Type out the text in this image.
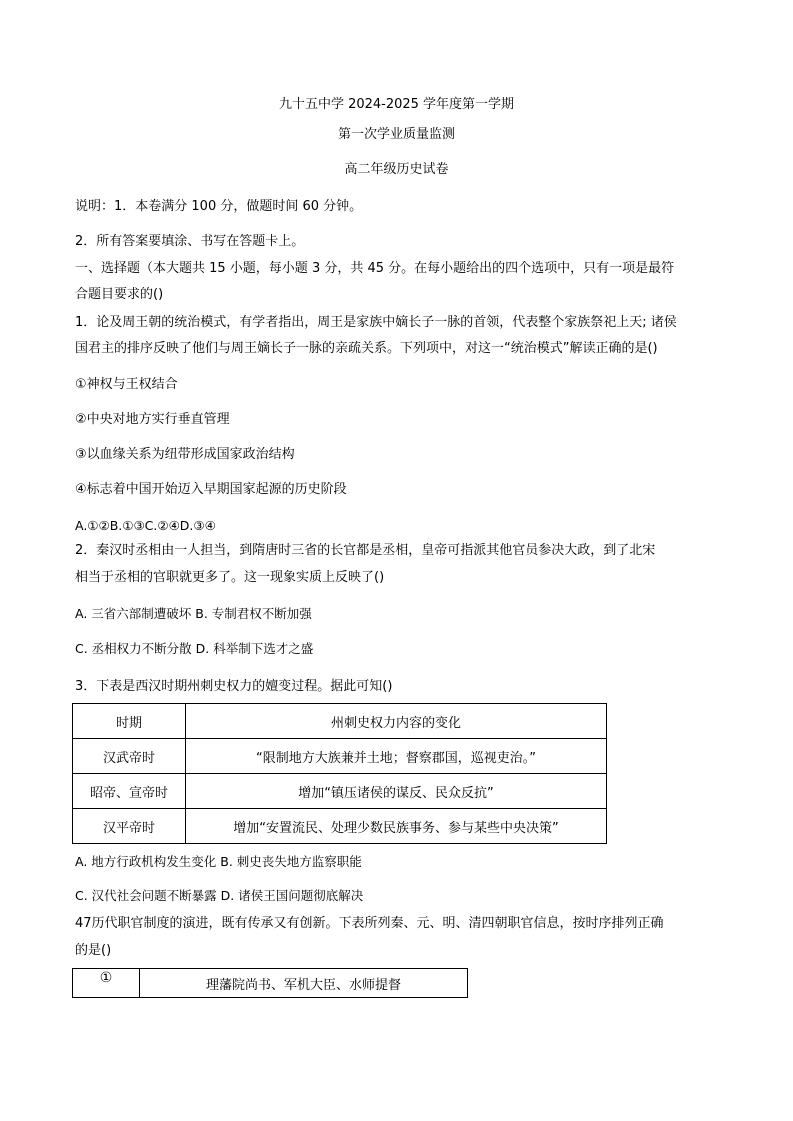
九十五中学 2024-2025 学年度第一学期
第一次学业质量监测
高二年级历史试卷
说明：1．本卷满分 100 分，做题时间 60 分钟。
2．所有答案要填涂、书写在答题卡上。
一、选择题（本大题共 15 小题，每小题 3 分，共 45 分。在每小题给出的四个选项中，只有一项是最符
合题目要求的()
1．论及周王朝的统治模式，有学者指出，周王是家族中嫡长子一脉的首领，代表整个家族祭祀上天; 诸侯
国君主的排序反映了他们与周王嫡长子一脉的亲疏关系。下列项中，对这一“统治模式”解读正确的是()
①神权与王权结合
②中央对地方实行垂直管理
③以血缘关系为纽带形成国家政治结构
④标志着中国开始迈入早期国家起源的历史阶段
A.①②B.①③C.②④D.③④
2．秦汉时丞相由一人担当，到隋唐时三省的长官都是丞相，皇帝可指派其他官员参决大政，到了北宋
相当于丞相的官职就更多了。这一现象实质上反映了()
A. 三省六部制遭破坏 B. 专制君权不断加强
C. 丞相权力不断分散 D. 科举制下选才之盛
3．下表是西汉时期州刺史权力的嬗变过程。据此可知()
时期	州刺史权力内容的变化
汉武帝时	“限制地方大族兼并土地；督察郡国，巡视吏治。”
昭帝、宣帝时	增加“镇压诸侯的谋反、民众反抗”
汉平帝时	增加“安置流民、处理少数民族事务、参与某些中央决策”
A. 地方行政机构发生变化 B. 刺史丧失地方监察职能
C. 汉代社会问题不断暴露 D. 诸侯王国问题彻底解决
47历代职官制度的演进，既有传承又有创新。下表所列秦、元、明、清四朝职官信息，按时序排列正确
的是()
①	理藩院尚书、军机大臣、水师提督
